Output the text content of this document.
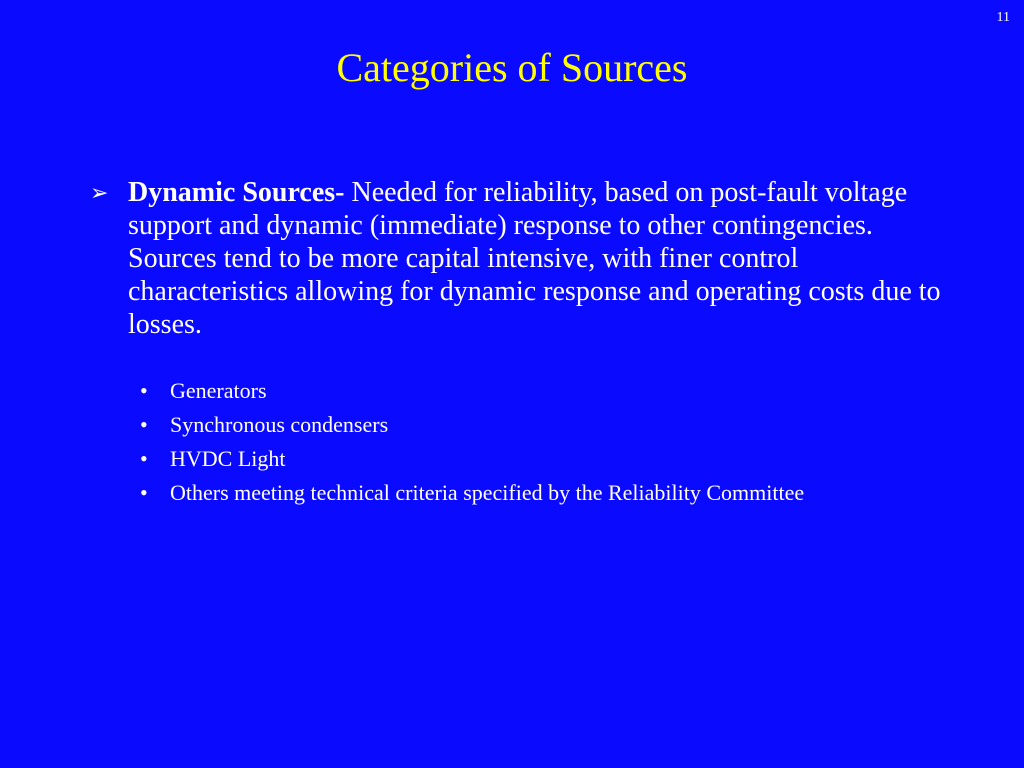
11
Categories of Sources
➢ Dynamic Sources- Needed for reliability, based on post-fault voltage support and dynamic (immediate) response to other contingencies. Sources tend to be more capital intensive, with finer control characteristics allowing for dynamic response and operating costs due to losses.
•	Generators
•	Synchronous condensers
•	HVDC Light
•	Others meeting technical criteria specified by the Reliability Committee
